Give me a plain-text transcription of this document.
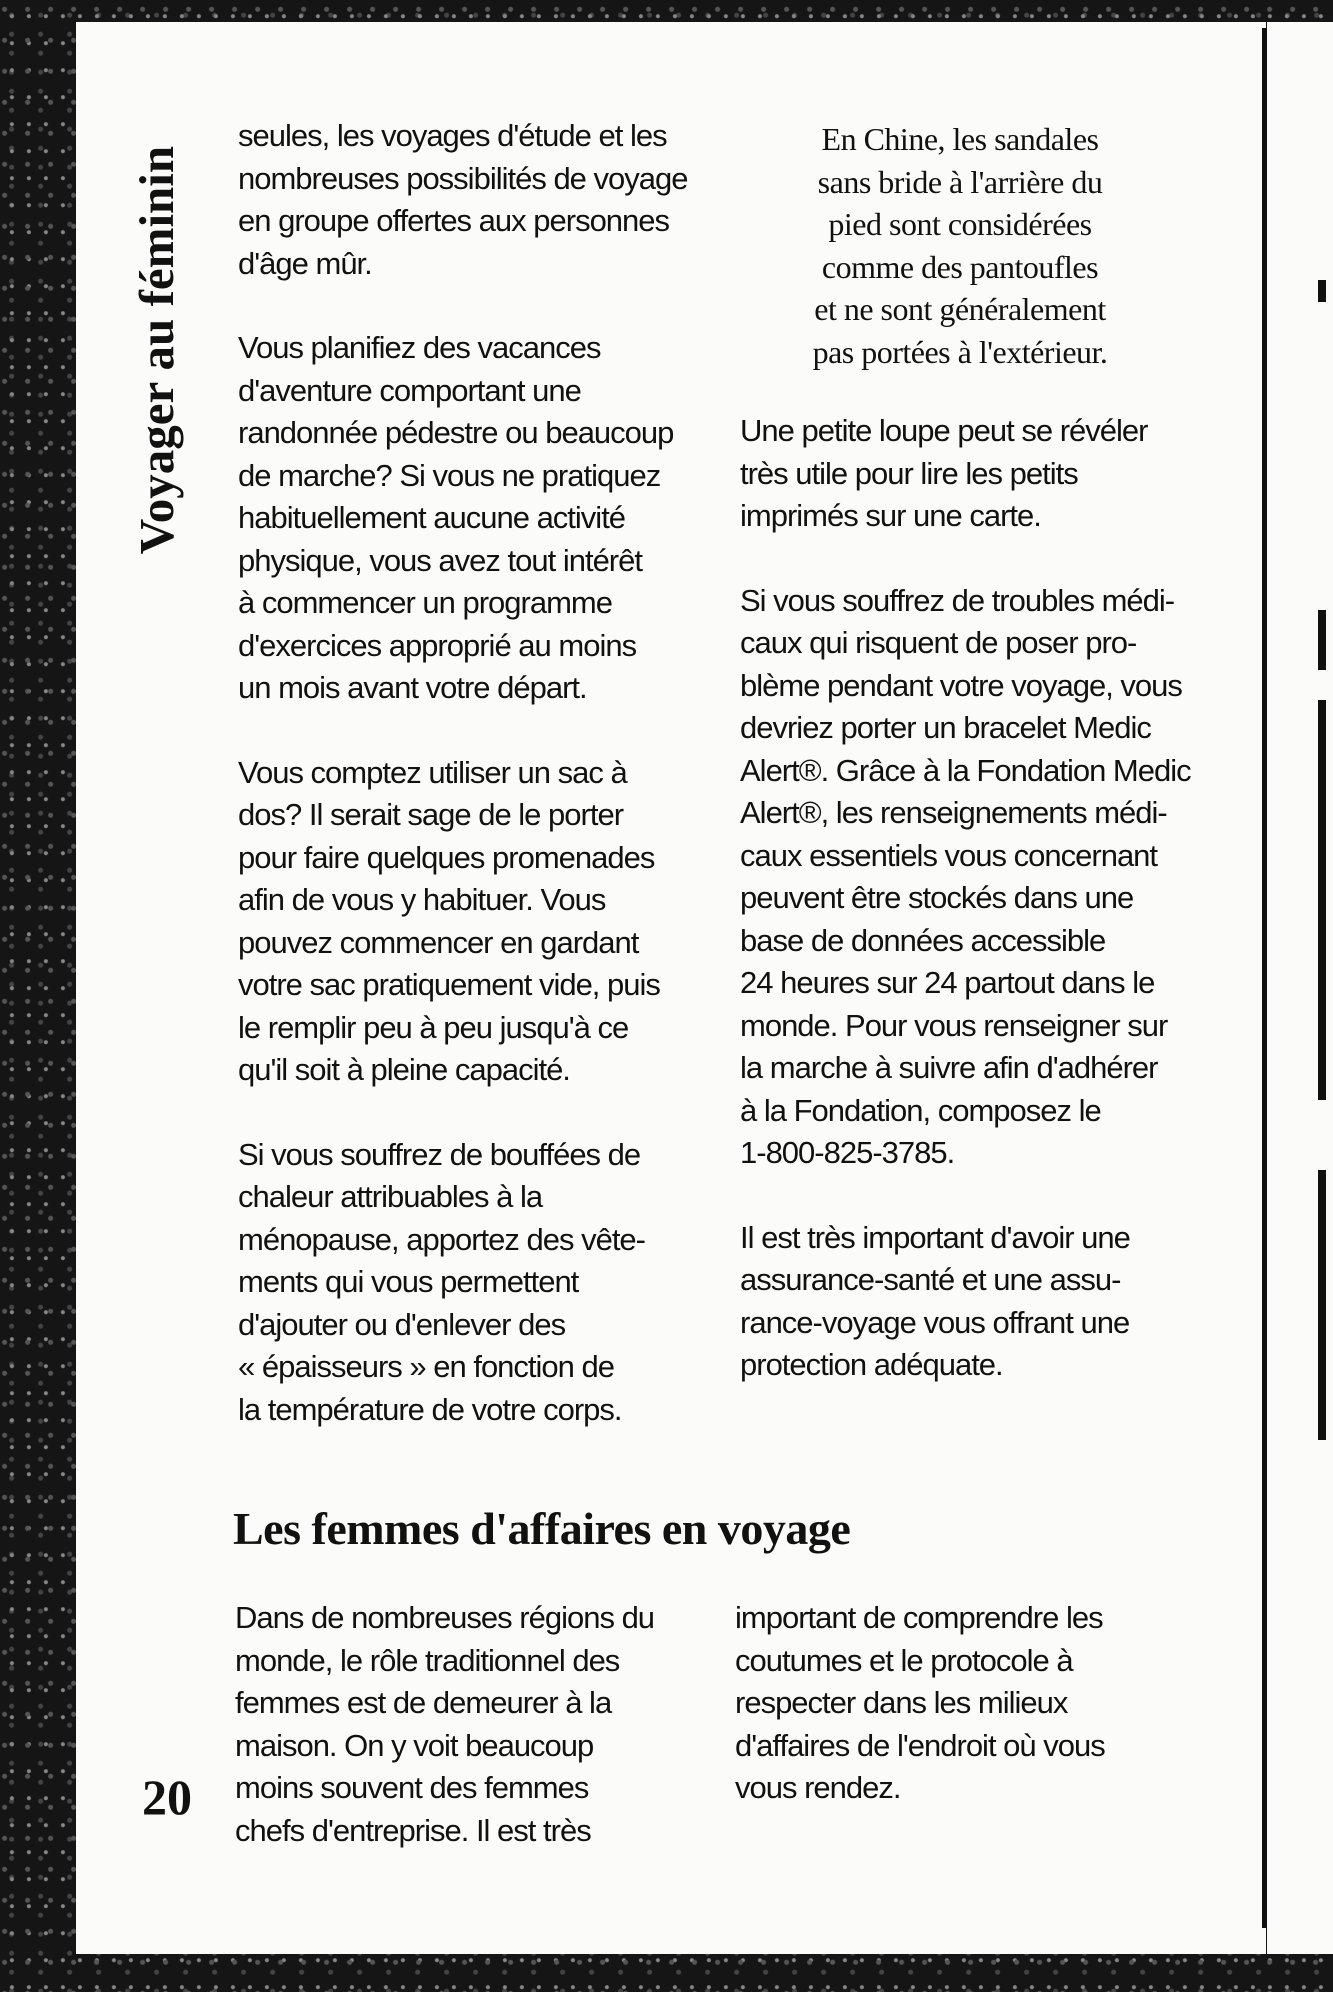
Voyager au féminin
20

seules, les voyages d'étude et les
nombreuses possibilités de voyage
en groupe offertes aux personnes
d'âge mûr.

Vous planifiez des vacances
d'aventure comportant une
randonnée pédestre ou beaucoup
de marche? Si vous ne pratiquez
habituellement aucune activité
physique, vous avez tout intérêt
à commencer un programme
d'exercices approprié au moins
un mois avant votre départ.

Vous comptez utiliser un sac à
dos? Il serait sage de le porter
pour faire quelques promenades
afin de vous y habituer. Vous
pouvez commencer en gardant
votre sac pratiquement vide, puis
le remplir peu à peu jusqu'à ce
qu'il soit à pleine capacité.

Si vous souffrez de bouffées de
chaleur attribuables à la
ménopause, apportez des vête-
ments qui vous permettent
d'ajouter ou d'enlever des
« épaisseurs » en fonction de
la température de votre corps.

En Chine, les sandales
sans bride à l'arrière du
pied sont considérées
comme des pantoufles
et ne sont généralement
pas portées à l'extérieur.

Une petite loupe peut se révéler
très utile pour lire les petits
imprimés sur une carte.

Si vous souffrez de troubles médi-
caux qui risquent de poser pro-
blème pendant votre voyage, vous
devriez porter un bracelet Medic
Alert®. Grâce à la Fondation Medic
Alert®, les renseignements médi-
caux essentiels vous concernant
peuvent être stockés dans une
base de données accessible
24 heures sur 24 partout dans le
monde. Pour vous renseigner sur
la marche à suivre afin d'adhérer
à la Fondation, composez le
1-800-825-3785.

Il est très important d'avoir une
assurance-santé et une assu-
rance-voyage vous offrant une
protection adéquate.

Les femmes d'affaires en voyage

Dans de nombreuses régions du
monde, le rôle traditionnel des
femmes est de demeurer à la
maison. On y voit beaucoup
moins souvent des femmes
chefs d'entreprise. Il est très

important de comprendre les
coutumes et le protocole à
respecter dans les milieux
d'affaires de l'endroit où vous
vous rendez.
